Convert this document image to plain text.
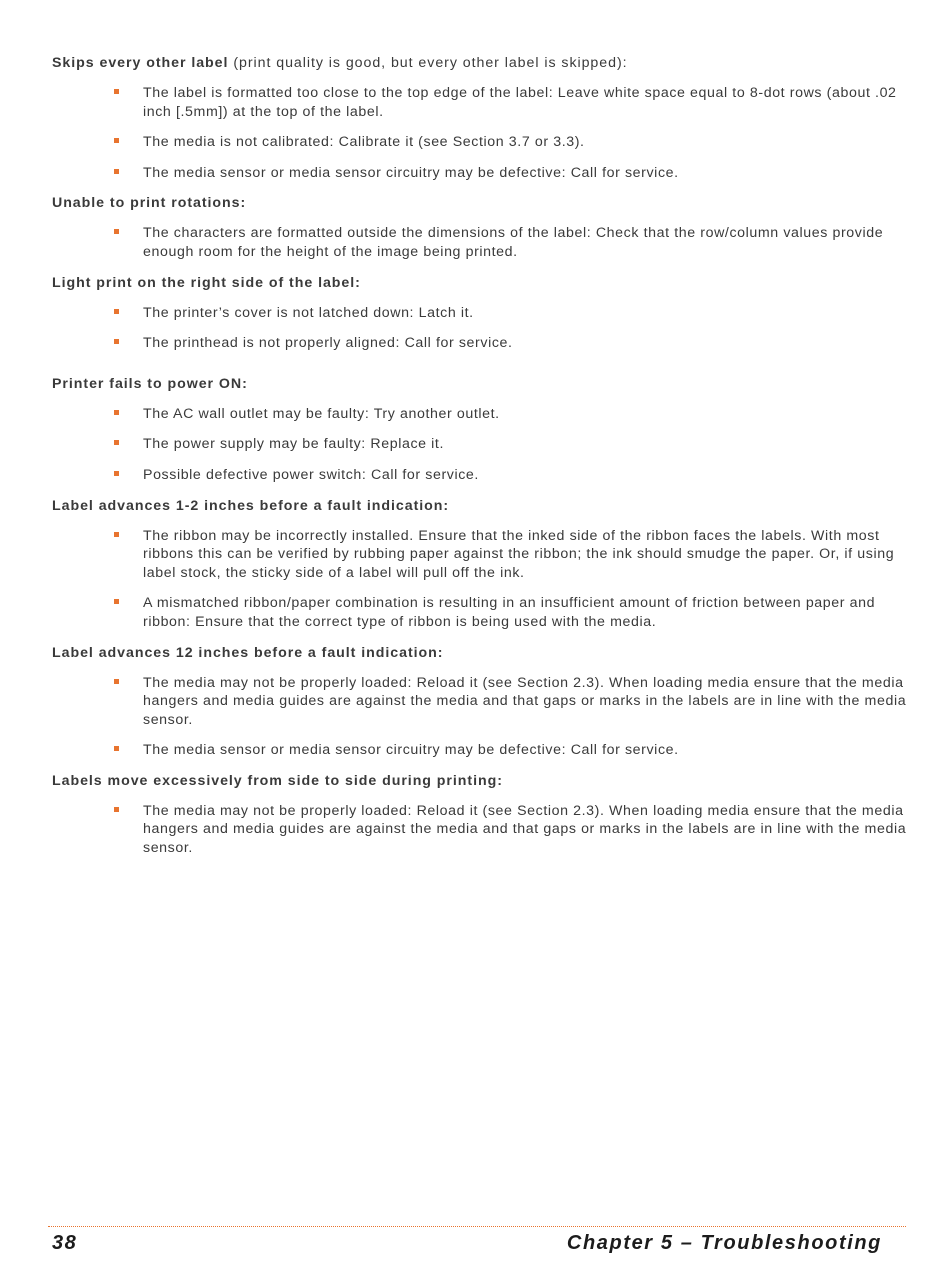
Skips every other label (print quality is good, but every other label is skipped):
The label is formatted too close to the top edge of the label: Leave white space equal to 8-dot rows (about .02 inch [.5mm]) at the top of the label.
The media is not calibrated: Calibrate it (see Section 3.7 or 3.3).
The media sensor or media sensor circuitry may be defective: Call for service.
Unable to print rotations:
The characters are formatted outside the dimensions of the label: Check that the row/column values provide enough room for the height of the image being printed.
Light print on the right side of the label:
The printer’s cover is not latched down: Latch it.
The printhead is not properly aligned: Call for service.
Printer fails to power ON:
The AC wall outlet may be faulty: Try another outlet.
The power supply may be faulty: Replace it.
Possible defective power switch: Call for service.
Label advances 1-2 inches before a fault indication:
The ribbon may be incorrectly installed. Ensure that the inked side of the ribbon faces the labels. With most ribbons this can be verified by rubbing paper against the ribbon; the ink should smudge the paper. Or, if using label stock, the sticky side of a label will pull off the ink.
A mismatched ribbon/paper combination is resulting in an insufficient amount of friction between paper and ribbon: Ensure that the correct type of ribbon is being used with the media.
Label advances 12 inches before a fault indication:
The media may not be properly loaded: Reload it (see Section 2.3). When loading media ensure that the media hangers and media guides are against the media and that gaps or marks in the labels are in line with the media sensor.
The media sensor or media sensor circuitry may be defective: Call for service.
Labels move excessively from side to side during printing:
The media may not be properly loaded: Reload it (see Section 2.3). When loading media ensure that the media hangers and media guides are against the media and that gaps or marks in the labels are in line with the media sensor.
38	Chapter 5 – Troubleshooting
